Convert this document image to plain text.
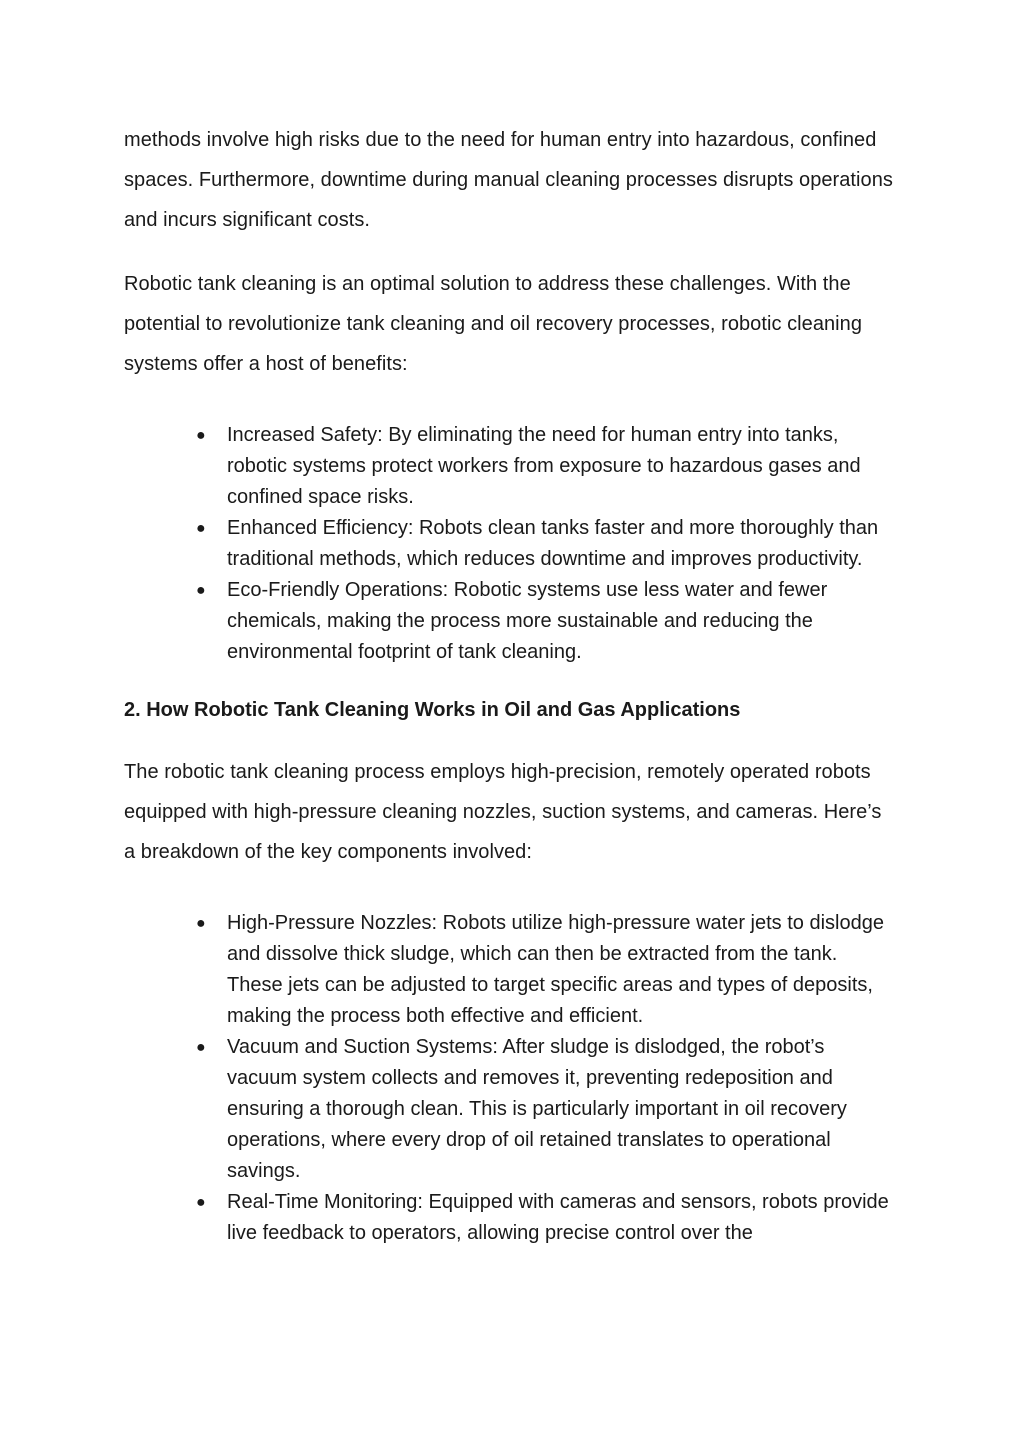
methods involve high risks due to the need for human entry into hazardous, confined spaces. Furthermore, downtime during manual cleaning processes disrupts operations and incurs significant costs.

Robotic tank cleaning is an optimal solution to address these challenges. With the potential to revolutionize tank cleaning and oil recovery processes, robotic cleaning systems offer a host of benefits:

● Increased Safety: By eliminating the need for human entry into tanks, robotic systems protect workers from exposure to hazardous gases and confined space risks.
● Enhanced Efficiency: Robots clean tanks faster and more thoroughly than traditional methods, which reduces downtime and improves productivity.
● Eco-Friendly Operations: Robotic systems use less water and fewer chemicals, making the process more sustainable and reducing the environmental footprint of tank cleaning.
2. How Robotic Tank Cleaning Works in Oil and Gas Applications

The robotic tank cleaning process employs high-precision, remotely operated robots equipped with high-pressure cleaning nozzles, suction systems, and cameras. Here’s a breakdown of the key components involved:

● High-Pressure Nozzles: Robots utilize high-pressure water jets to dislodge and dissolve thick sludge, which can then be extracted from the tank. These jets can be adjusted to target specific areas and types of deposits, making the process both effective and efficient.
● Vacuum and Suction Systems: After sludge is dislodged, the robot’s vacuum system collects and removes it, preventing redeposition and ensuring a thorough clean. This is particularly important in oil recovery operations, where every drop of oil retained translates to operational savings.
● Real-Time Monitoring: Equipped with cameras and sensors, robots provide live feedback to operators, allowing precise control over the
